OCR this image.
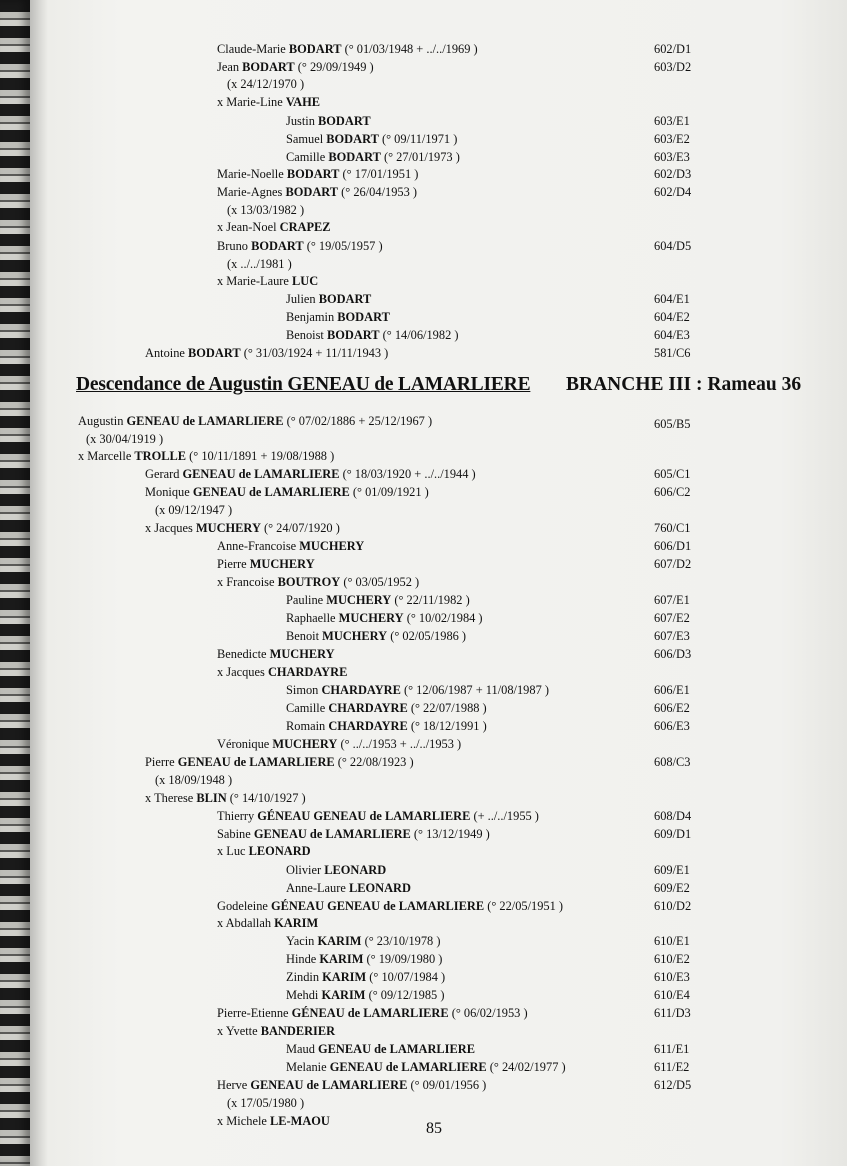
Claude-Marie BODART (° 01/03/1948 + ../../1969 )	602/D1
Jean BODART (° 29/09/1949 )	603/D2
(x 24/12/1970 )
x Marie-Line VAHE
Justin BODART	603/E1
Samuel BODART (° 09/11/1971 )	603/E2
Camille BODART (° 27/01/1973 )	603/E3
Marie-Noelle BODART (° 17/01/1951 )	602/D3
Marie-Agnes BODART (° 26/04/1953 )	602/D4
(x 13/03/1982 )
x Jean-Noel CRAPEZ
Bruno BODART (° 19/05/1957 )	604/D5
(x ../../1981 )
x Marie-Laure LUC
Julien BODART	604/E1
Benjamin BODART	604/E2
Benoist BODART (° 14/06/1982 )	604/E3
Antoine BODART (° 31/03/1924 + 11/11/1943 )	581/C6
Augustin GENEAU de LAMARLIERE (° 07/02/1886 + 25/12/1967 )	605/B5
(x 30/04/1919 )
x Marcelle TROLLE (° 10/11/1891 + 19/08/1988 )
Gerard GENEAU de LAMARLIERE (° 18/03/1920 + ../../1944 )	605/C1
Monique GENEAU de LAMARLIERE (° 01/09/1921 )	606/C2
(x 09/12/1947 )
x Jacques MUCHERY (° 24/07/1920 )	760/C1
Anne-Francoise MUCHERY	606/D1
Pierre MUCHERY	607/D2
x Francoise BOUTROY (° 03/05/1952 )
Pauline MUCHERY (° 22/11/1982 )	607/E1
Raphaelle MUCHERY (° 10/02/1984 )	607/E2
Benoit MUCHERY (° 02/05/1986 )	607/E3
Benedicte MUCHERY	606/D3
x Jacques CHARDAYRE
Simon CHARDAYRE (° 12/06/1987 + 11/08/1987 )	606/E1
Camille CHARDAYRE (° 22/07/1988 )	606/E2
Romain CHARDAYRE (° 18/12/1991 )	606/E3
Véronique MUCHERY (° ../../1953 + ../../1953 )
Pierre GENEAU de LAMARLIERE (° 22/08/1923 )	608/C3
(x 18/09/1948 )
x Therese BLIN (° 14/10/1927 )
Thierry GÉNEAU GENEAU de LAMARLIERE (+ ../../1955 )	608/D4
Sabine GENEAU de LAMARLIERE (° 13/12/1949 )	609/D1
x Luc LEONARD
Olivier LEONARD	609/E1
Anne-Laure LEONARD	609/E2
Godeleine GÉNEAU GENEAU de LAMARLIERE (° 22/05/1951 )	610/D2
x Abdallah KARIM
Yacin KARIM (° 23/10/1978 )	610/E1
Hinde KARIM (° 19/09/1980 )	610/E2
Zindin KARIM (° 10/07/1984 )	610/E3
Mehdi KARIM (° 09/12/1985 )	610/E4
Pierre-Etienne GÉNEAU de LAMARLIERE (° 06/02/1953 )	611/D3
x Yvette BANDERIER
Maud GENEAU de LAMARLIERE	611/E1
Melanie GENEAU de LAMARLIERE (° 24/02/1977 )	611/E2
Herve GENEAU de LAMARLIERE (° 09/01/1956 )	612/D5
(x 17/05/1980 )
x Michele LE-MAOU
Descendance de Augustin GENEAU de LAMARLIERE BRANCHE III : Rameau 36
85
